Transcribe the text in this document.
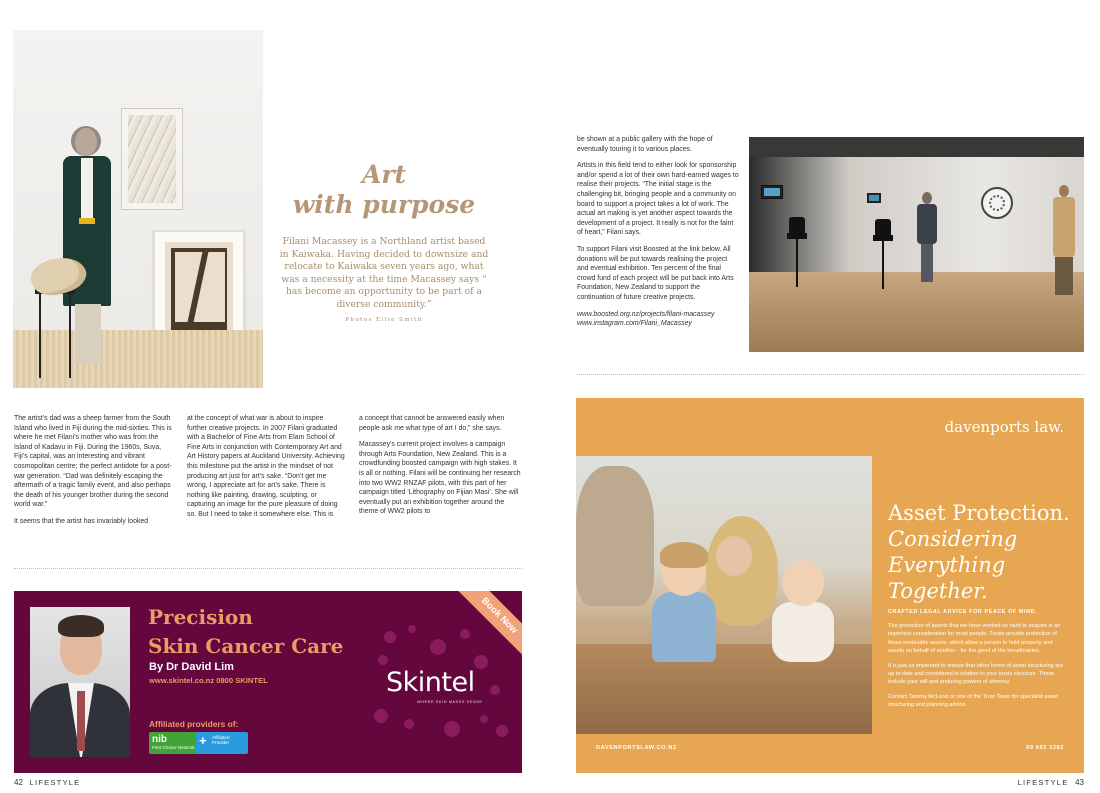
Art
with purpose
Filani Macassey is a Northland artist based in Kaiwaka. Having decided to downsize and relocate to Kaiwaka seven years ago, what was a necessity at the time Macassey says “ has become an opportunity to be part of a diverse community.”
Photos Ellie Smith

be shown at a public gallery with the hope of eventually touring it to various places.

Artists in this field tend to either look for sponsorship and/or spend a lot of their own hard-earned wages to realise their projects. “The initial stage is the challenging bit, bringing people and a community on board to support a project takes a lot of work. The actual art making is yet another aspect towards the development of a project. It really is not for the faint of heart,” Filani says.

To support Filani visit Boosted at the link below. All donations will be put towards realising the project and eventual exhibition. Ten percent of the final crowd fund of each project will be put back into Arts Foundation, New Zealand to support the continuation of future creative projects.

www.boosted.org.nz/projects/filani-macassey

www.instagram.com/Filani_Macassey

The artist’s dad was a sheep farmer from the South Island who lived in Fiji during the mid-sixties. This is where he met Filani’s mother who was from the Island of Kadavu in Fiji. During the 1960s, Suva, Fiji’s capital, was an interesting and vibrant cosmopolitan centre; the perfect antidote for a post-war generation. “Dad was definitely escaping the aftermath of a tragic family event, and also perhaps the death of his younger brother during the second world war.”

It seems that the artist has invariably looked

at the concept of what war is about to inspire further creative projects. In 2007 Filani graduated with a Bachelor of Fine Arts from Elam School of Fine Arts in conjunction with Contemporary Art and Art History papers at Auckland University. Achieving this milestone put the artist in the mindset of not producing art just for art’s sake. “Don’t get me wrong, I appreciate art for art’s sake. There is nothing like painting, drawing, sculpting, or capturing an image for the pure pleasure of doing so. But I need to take it somewhere else. This is

a concept that cannot be answered easily when people ask me what type of art I do,” she says.

Macassey’s current project involves a campaign through Arts Foundation, New Zealand. This is a crowdfunding boosted campaign with high stakes. It is all or nothing. Filani will be continuing her research into two WW2 RNZAF pilots, with this part of her campaign titled ‘Lithography on Fijian Masi’. She will eventually put an exhibition together around the theme of WW2 pilots to

Precision
Skin Cancer Care
By Dr David Lim
www.skintel.co.nz 0800 SKINTEL
Affiliated providers of:
nib
First Choice Network
+ Affiliated Provider
Skintel
WHERE SKIN MAKES SENSE
Book Now
davenports law.
Asset Protection.
Considering
Everything Together.
CRAFTED LEGAL ADVICE FOR PEACE OF MIND.

The protection of assets that we have worked so hard to acquire is an important consideration for most people. Trusts provide protection of those invaluable assets, which allow a person to hold property and assets on behalf of another - for the good of the beneficiaries.

It is just as important to ensure that other forms of asset structuring are up to date and considered in relation to your trusts structure. These include your will and enduring powers of attorney.

Contact Tammy McLeod or one of the Trust Team for specialist asset structuring and planning advice.

DAVENPORTSLAW.CO.NZ	09 663 3262
42 LIFESTYLE	LIFESTYLE 43
